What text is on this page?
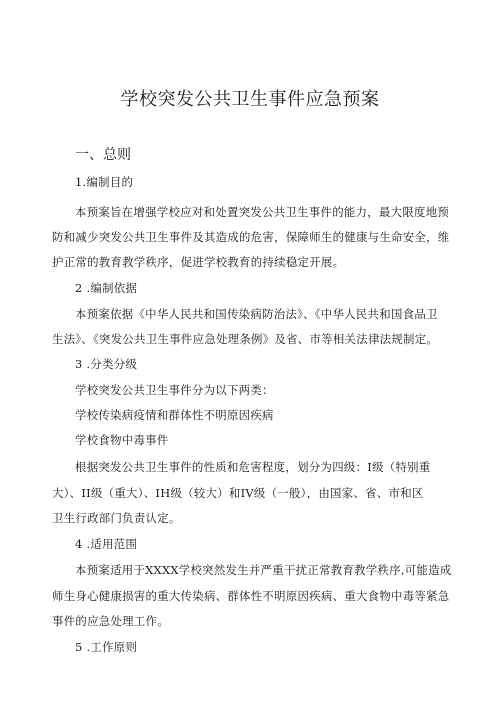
学校突发公共卫生事件应急预案
一、总则
1.编制目的
本预案旨在增强学校应对和处置突发公共卫生事件的能力，最大限度地预
防和减少突发公共卫生事件及其造成的危害，保障师生的健康与生命安全，维
护正常的教育教学秩序，促进学校教育的持续稳定开展。
2 .编制依据
本预案依据《中华人民共和国传染病防治法》、《中华人民共和国食品卫
生法》、《突发公共卫生事件应急处理条例》及省、市等相关法律法规制定。
3 .分类分级
学校突发公共卫生事件分为以下两类：
学校传染病疫情和群体性不明原因疾病
学校食物中毒事件
根据突发公共卫生事件的性质和危害程度，划分为四级：I级（特别重
大）、II级（重大）、IH级（较大）和IV级（一般），由国家、省、市和区
卫生行政部门负责认定。
4 .适用范围
本预案适用于XXXX学校突然发生并严重干扰正常教育教学秩序,可能造成
师生身心健康损害的重大传染病、群体性不明原因疾病、重大食物中毒等紧急
事件的应急处理工作。
5 .工作原则
